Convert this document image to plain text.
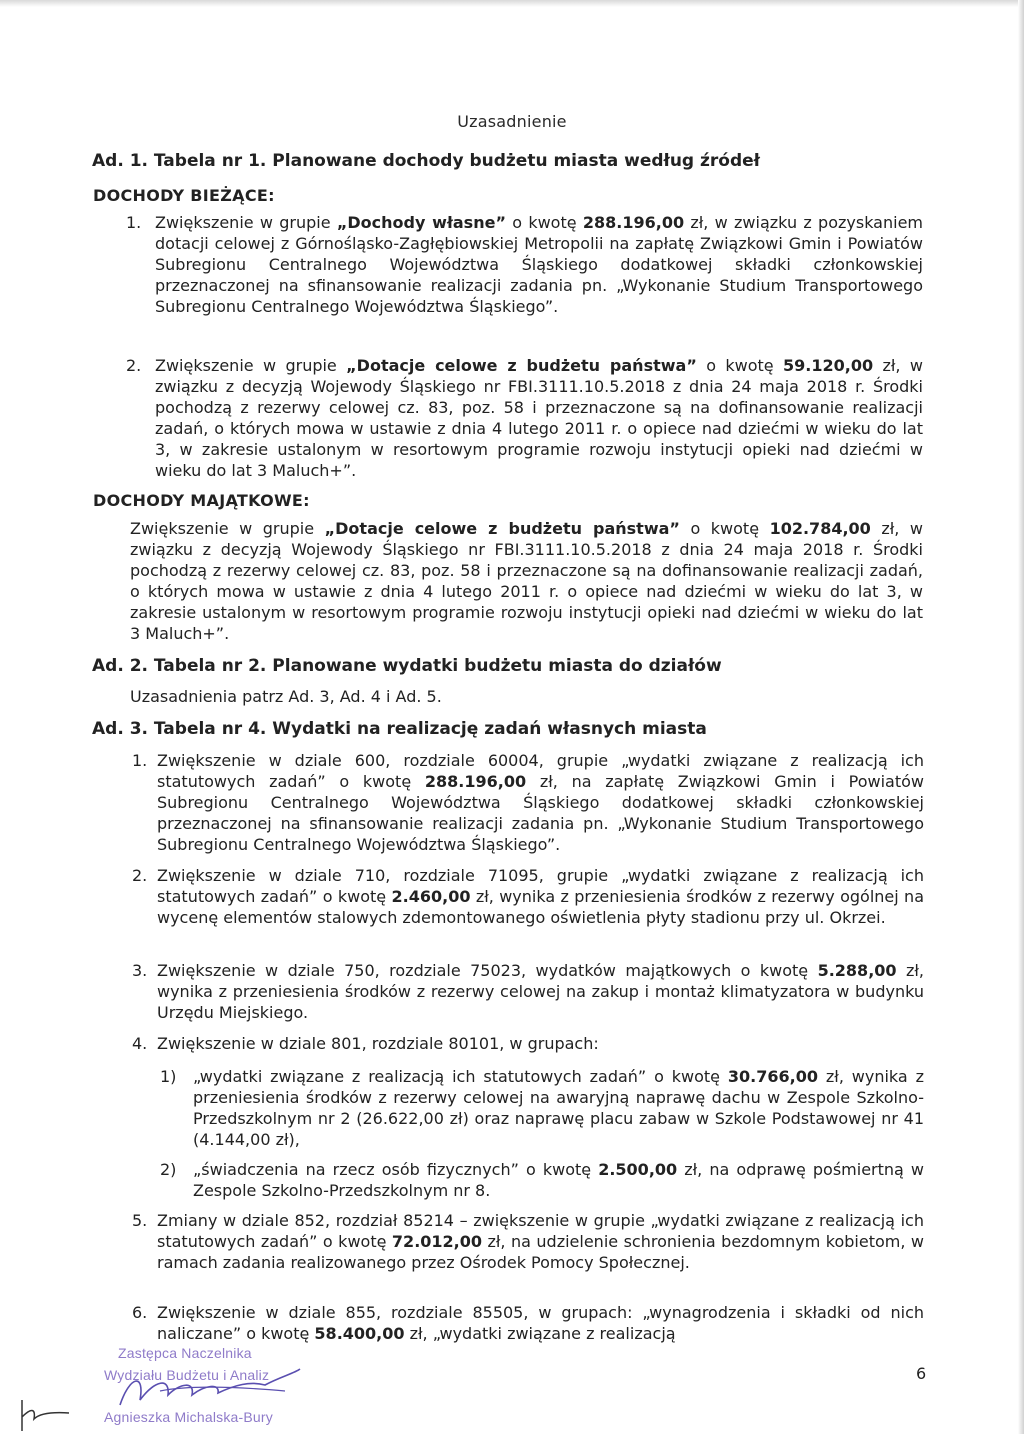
Uzasadnienie
Ad. 1. Tabela nr 1. Planowane dochody budżetu miasta według źródeł
DOCHODY BIEŻĄCE:
1. Zwiększenie w grupie „Dochody własne” o kwotę 288.196,00 zł, w związku z pozyskaniem dotacji celowej z Górnośląsko-Zagłębiowskiej Metropolii na zapłatę Związkowi Gmin i Powiatów Subregionu Centralnego Województwa Śląskiego dodatkowej składki członkowskiej przeznaczonej na sfinansowanie realizacji zadania pn. „Wykonanie Studium Transportowego Subregionu Centralnego Województwa Śląskiego”.
2. Zwiększenie w grupie „Dotacje celowe z budżetu państwa” o kwotę 59.120,00 zł, w związku z decyzją Wojewody Śląskiego nr FBI.3111.10.5.2018 z dnia 24 maja 2018 r. Środki pochodzą z rezerwy celowej cz. 83, poz. 58 i przeznaczone są na dofinansowanie realizacji zadań, o których mowa w ustawie z dnia 4 lutego 2011 r. o opiece nad dziećmi w wieku do lat 3, w zakresie ustalonym w resortowym programie rozwoju instytucji opieki nad dziećmi w wieku do lat 3 Maluch+”.
DOCHODY MAJĄTKOWE:
Zwiększenie w grupie „Dotacje celowe z budżetu państwa” o kwotę 102.784,00 zł, w związku z decyzją Wojewody Śląskiego nr FBI.3111.10.5.2018 z dnia 24 maja 2018 r. Środki pochodzą z rezerwy celowej cz. 83, poz. 58 i przeznaczone są na dofinansowanie realizacji zadań, o których mowa w ustawie z dnia 4 lutego 2011 r. o opiece nad dziećmi w wieku do lat 3, w zakresie ustalonym w resortowym programie rozwoju instytucji opieki nad dziećmi w wieku do lat 3 Maluch+”.
Ad. 2. Tabela nr 2. Planowane wydatki budżetu miasta do działów
Uzasadnienia patrz Ad. 3, Ad. 4 i Ad. 5.
Ad. 3. Tabela nr 4. Wydatki na realizację zadań własnych miasta
1. Zwiększenie w dziale 600, rozdziale 60004, grupie „wydatki związane z realizacją ich statutowych zadań” o kwotę 288.196,00 zł, na zapłatę Związkowi Gmin i Powiatów Subregionu Centralnego Województwa Śląskiego dodatkowej składki członkowskiej przeznaczonej na sfinansowanie realizacji zadania pn. „Wykonanie Studium Transportowego Subregionu Centralnego Województwa Śląskiego”.
2. Zwiększenie w dziale 710, rozdziale 71095, grupie „wydatki związane z realizacją ich statutowych zadań” o kwotę 2.460,00 zł, wynika z przeniesienia środków z rezerwy ogólnej na wycenę elementów stalowych zdemontowanego oświetlenia płyty stadionu przy ul. Okrzei.
3. Zwiększenie w dziale 750, rozdziale 75023, wydatków majątkowych o kwotę 5.288,00 zł, wynika z przeniesienia środków z rezerwy celowej na zakup i montaż klimatyzatora w budynku Urzędu Miejskiego.
4. Zwiększenie w dziale 801, rozdziale 80101, w grupach:
1) „wydatki związane z realizacją ich statutowych zadań” o kwotę 30.766,00 zł, wynika z przeniesienia środków z rezerwy celowej na awaryjną naprawę dachu w Zespole Szkolno-Przedszkolnym nr 2 (26.622,00 zł) oraz naprawę placu zabaw w Szkole Podstawowej nr 41 (4.144,00 zł),
2) „świadczenia na rzecz osób fizycznych” o kwotę 2.500,00 zł, na odprawę pośmiertną w Zespole Szkolno-Przedszkolnym nr 8.
5. Zmiany w dziale 852, rozdział 85214 – zwiększenie w grupie „wydatki związane z realizacją ich statutowych zadań” o kwotę 72.012,00 zł, na udzielenie schronienia bezdomnym kobietom, w ramach zadania realizowanego przez Ośrodek Pomocy Społecznej.
6. Zwiększenie w dziale 855, rozdziale 85505, w grupach: „wynagrodzenia i składki od nich naliczane” o kwotę 58.400,00 zł, „wydatki związane z realizacją
Zastępca Naczelnika
Wydziału Budżetu i Analiz
Agnieszka Michalska-Bury
6
